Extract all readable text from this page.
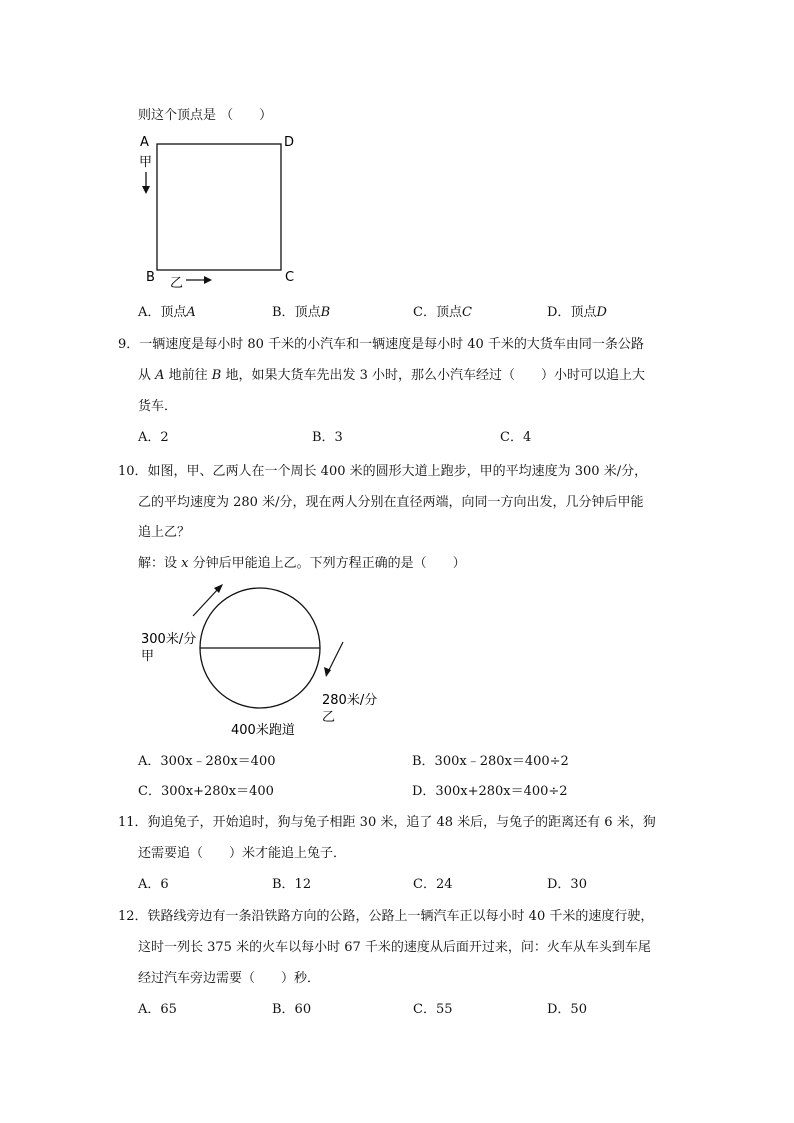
则这个顶点是 （　　）
A	D
B	C
甲
乙
A．顶点A	B．顶点B	C．顶点C	D．顶点D
9．一辆速度是每小时 80 千米的小汽车和一辆速度是每小时 40 千米的大货车由同一条公路
从 A 地前往 B 地，如果大货车先出发 3 小时，那么小汽车经过（　　）小时可以追上大
货车．
A．2	B．3	C．4
10．如图，甲、乙两人在一个周长 400 米的圆形大道上跑步，甲的平均速度为 300 米/分，
乙的平均速度为 280 米/分，现在两人分别在直径两端，向同一方向出发，几分钟后甲能
追上乙？
解：设 x 分钟后甲能追上乙。下列方程正确的是（　　）
300米/分
甲
280米/分
乙
400米跑道
A．300x﹣280x＝400	B．300x﹣280x＝400÷2
C．300x+280x＝400	D．300x+280x＝400÷2
11．狗追兔子，开始追时，狗与兔子相距 30 米，追了 48 米后，与兔子的距离还有 6 米，狗
还需要追（　　）米才能追上兔子．
A．6	B．12	C．24	D．30
12．铁路线旁边有一条沿铁路方向的公路，公路上一辆汽车正以每小时 40 千米的速度行驶，
这时一列长 375 米的火车以每小时 67 千米的速度从后面开过来，问：火车从车头到车尾
经过汽车旁边需要（　　）秒．
A．65	B．60	C．55	D．50
